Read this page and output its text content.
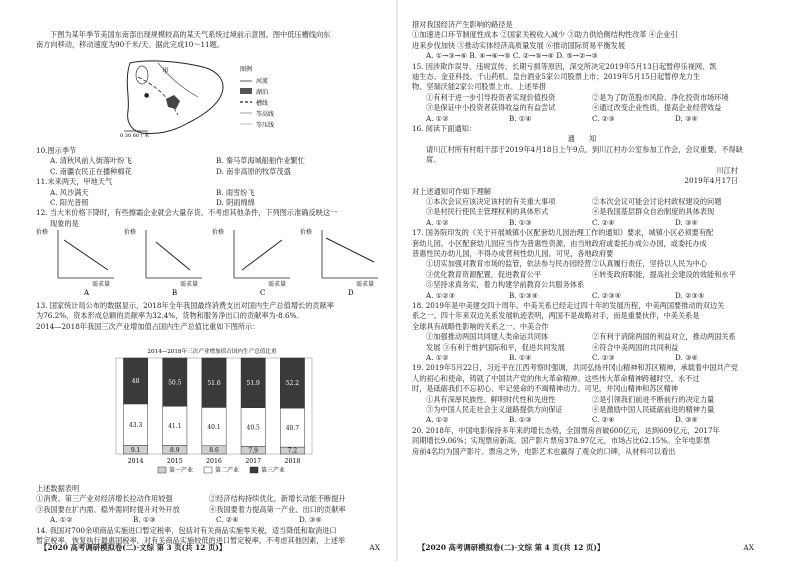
下图为某年季节美国东南部出现规模较高的某天气系统过境前示意图。图中低压槽线向东
南方向移动，移动速度为90千米/天。据此完成10～11题。
甲
●
0 30 60千米
图例
河流
湖泊
槽线
等高线
等压线
10.图示季节
A. 清秋风前人街落叶纷飞	B. 秦马草海城船舶作业繁忙
C. 南疆农民正在播种棉花	D. 南非高原的牧草茂盛
11.未来两天，甲地天气
A. 风沙满天	B. 雨雪纷飞
C. 阳光普照	D. 阴雨绵绵
12. 当大米价格下降时，有些擦霜企业就会大量存货。不考虑其他条件，下列图示准确反映这一
现象的是
价格
需求量
A
价格
需求量
B
价格
需求量
C
价格
需求量
D
13. 国家统计局公布的数据显示，2018年全年我国最终消费支出对国内生产总值增长的贡献率
为76.2%，资本形成总额的贡献率为32.4%，货物和服务净出口的贡献率为-8.6%。
2014—2018年我国三次产业增加值占国内生产总值比重如下图所示：
2014—2018年三次产业增加值占国内生产总值比重
9.1
43.3
48
2014
8.9
41.1
50.5
2015
8.6
40.1
51.6
2016
7.9
40.5
51.9
2017
7.2
40.7
52.2
2018
第一产业	第二产业	第三产业
上述数据表明
①消费、第三产业对经济增长拉动作用较强	②经济结构持续优化，新增长动能不断提升
③我国要在扩内需、稳外需同时提升对外开放	④我国要着力提高第一产业、出口的贡献率
A. ①②	B. ①③	C. ②④	D. ③④
14. 我国对700余项商品实施进口暂定税率，包括对有关商品实施零关税，适当降低和取消进口
暂定税率，恢复执行最惠国税率，对有关商品实施较低的进口暂定税率。不考虑其他因素，上述举
【2020 高考调研模拟卷(二)·文综 第 3 页(共 12 页)】	AX
措对我国经济产生影响的路径是
①加速进口环节制度性成本 ②国家关税收入减少 ③助力供给侧结构性改革 ④企业引
进来步伐加快 ⑤推动实体经济高质量发展 ⑥推动国际贸易平衡发展
A. ①→③→⑥ B. ④→⑥→⑤ C. ②→⑤→④ D. ⑤→②→③
15. 因涉欺诈误导、违规宣传、长期亏损等原因，深交所决定2019年5月13日起暂停乐视网、凯
迪生态、金亚科技、千山药机、皇台酒业5家公司股票上市；2019年5月15日起暂停龙力生
物、坚瑞沃能2家公司股票上市。上述举措
①有利于进一步引导投资者实现价值投资	②是为了防范股市风险、净化投资市场环境
③是保证中小投资者获得收益的有益尝试	④通过改变企业性质，提高企业经营效益
A. ①②	B. ①④	C. ②③	D. ③④
16. 阅读下面通知：
通 知
请川江村所有村组干部于2019年4月18日上午9点，到川江村办公室参加工作会，会议重要，不得缺席。
川江村
2019年4月17日
对上述通知可作如下理解
①本次会议应该决定该村的有关重大事项	②本次会议可能会讨论村政权建设的问题
③是村民行使民主管理权利的具体形式	④是我国基层群众自治制度的具体表现
A. ①②	B. ①③	C. ②④	D. ③④
17. 国务院印发的《关于开展城镇小区配套幼儿园治理工作的通知》要求，城镇小区必须要有配
套幼儿园。小区配套幼儿园应当作为普惠性资源，由当地政府或委托办成公办园，或委托办成
普惠性民办幼儿园，不得办成营利性幼儿园。可见，各地政府要
①切实加强对教育市场的监管，依法参与民办园经营 ②认真履行责任，坚持以人民为中心
③优化教育资源配置，促进教育公平	④转变政府职能，提高社会建设的效能和水平
⑤坚持求真务实，着力构建学前教育公共服务体系
A. ①②③	B. ①③④	C. ②③④	D. ②③⑤
18. 2019年是中美建交四十周年。中美关系已经走过四十年的发展历程，中美两国要推动的双边关
系之一。四十年来双边关系发展轨迹表明，两国不是战略对手，而是重要伙伴，中美关系是
全球具有战略性影响的关系之一。中美合作
①加强推动两国共同建人类命运共同体	②有利于消除两国的利益对立，推动两国关系
发展 ③有利于维护国际和平，促进共同发展	④符合中美两国的共同利益
A. ①②	B. ①④	C. ②③	D. ③④
19. 2019年5月22日，习近平在江西考察时强调，共同弘扬井冈山精神和苏区精神，承载着中国共产党
人的初心和使命，铸就了中国共产党的伟大革命精神。这些伟大革命精神跨越时空，永不过
时，是砥砺我们不忘初心、牢记使命的不竭精神动力。可见，井冈山精神和苏区精神
①具有深厚民族性、鲜明时代性和先进性	②是引领我们前进不断前行的决定力量
③为中国人民走社会主义道路提供方向保证	④是激励中国人民砥砺前进的精神力量
A. ①②	B. ①③	C. ②④	D. ③④
20. 2018年，中国电影保持多年来的增长态势，全国票房首破600亿元，达到609亿元，2017年
同期增长9.06%；实现票房新高。国产影片票房378.97亿元，市场占比62.15%。全年电影票
房前4名均为国产影片。票房之外，电影艺术也赢得了观众的口碑，从材料可以看出
【2020 高考调研模拟卷(二)·文综 第 4 页(共 12 页)】	AX
